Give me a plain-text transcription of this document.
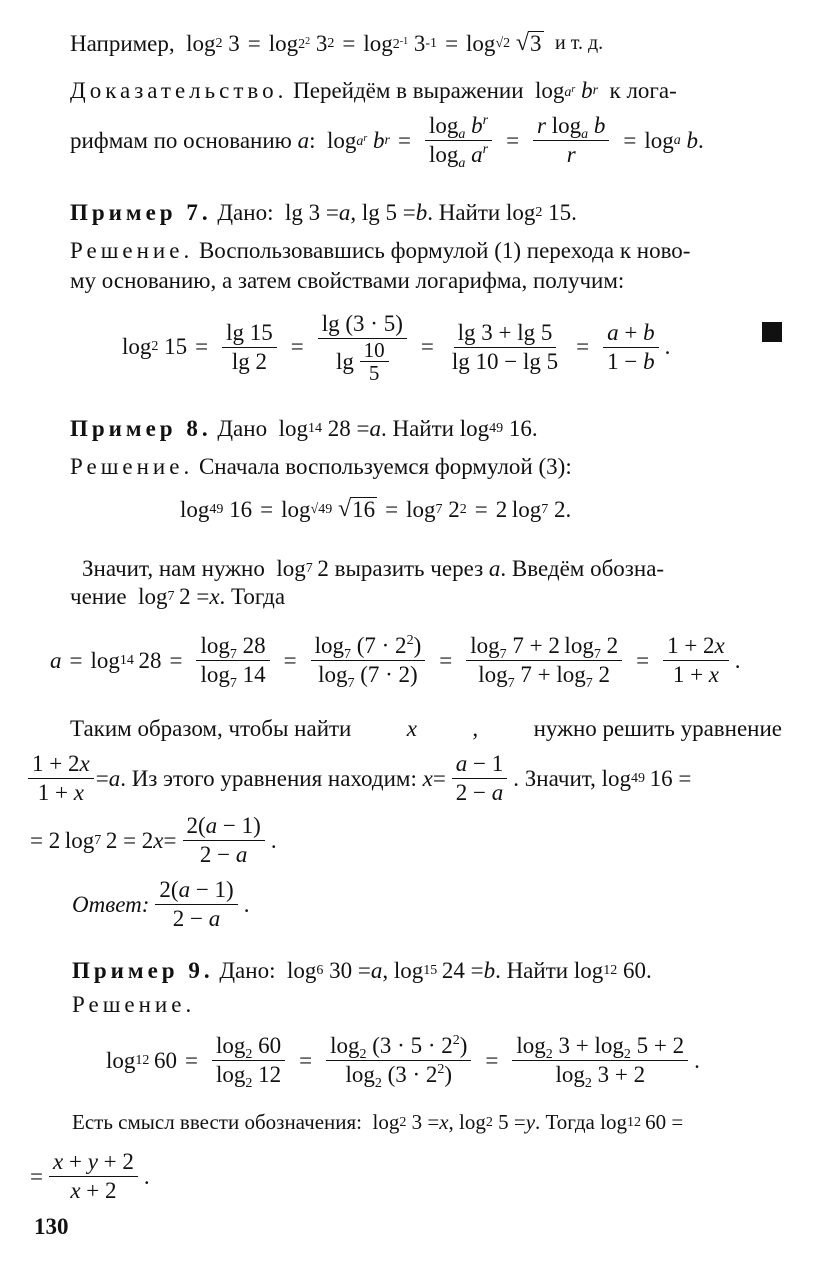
Например, log 2 $3 = \log 2^2$ 3 $2 = \log 2^{-1}$ 3 -1 = log √2
√ 3
и т. д.
Доказательство.
Перейдём в выражении $\log a^r$
b r
к лога-
рифмам по основанию
a :  $\log a^r$
b $r = \frac{\log_a b^r}{\log_a a^r} = \frac{r \log_a b}{r} = \log a$
b .
Пример 7.
Дано: lg 3 = a , lg 5 = b . Найти log 2 15.
Решение.
Воспользовавшись формулой (1) перехода к ново-
му основанию, а затем свойствами логарифма, получим:
log 2 $15 = \frac{\lg 15}{\lg 2} = \frac{\lg (3 \cdot 5)}{\lg \frac{10}{5}} = \frac{\lg 3 + \lg 5}{\lg 10 - \lg 5} = \frac{a + b}{1 - b}$ .
Пример 8.
Дано log 14 28 = a . Найти log 49 16.
Решение.
Сначала воспользуемся формулой (3):
log 49 16 = log √49
√ 16 = log 7 2 2 = 2 log 7 2.
Значит, нам нужно log 7  2 выразить через
a . Введём обозна-
чение log 7  2 = x . Тогда
a = log 14  $28 = \frac{\log_7 28}{\log_7 14} = \frac{\log_7 (7 \cdot 2^2)}{\log_7 (7 \cdot 2)} = \frac{\log_7 7 + 2 \log_7 2}{\log_7 7 + \log_7 2} = \frac{1 + 2x}{1 + x}$ .
Таким образом, чтобы найти x , нужно решить уравнение
$\frac{1 + 2x}{1 + x} = a$ . Из этого уравнения находим:
$x = \frac{a - 1}{2 - a}$ . Значит, log 49  16 =
= 2 log 7  2 = 2 $x = \frac{2(a - 1)}{2 - a}$ .
Ответ: $\frac{2(a - 1)}{2 - a}$ .
Пример 9.
Дано: log 6 30 = a , log 15  24 = b . Найти log 12 60.
Решение.
log 12  $60 = \frac{\log_2 60}{\log_2 12} = \frac{\log_2 (3 \cdot 5 \cdot 2^2)}{\log_2 (3 \cdot 2^2)} = \frac{\log_2 3 + \log_2 5 + 2}{\log_2 3 + 2}$ .
Есть смысл ввести обозначения: log 2 3 = x , log 2 5 = y . Тогда log 12  60 =
= $\frac{x + y + 2}{x + 2}$ .
130
